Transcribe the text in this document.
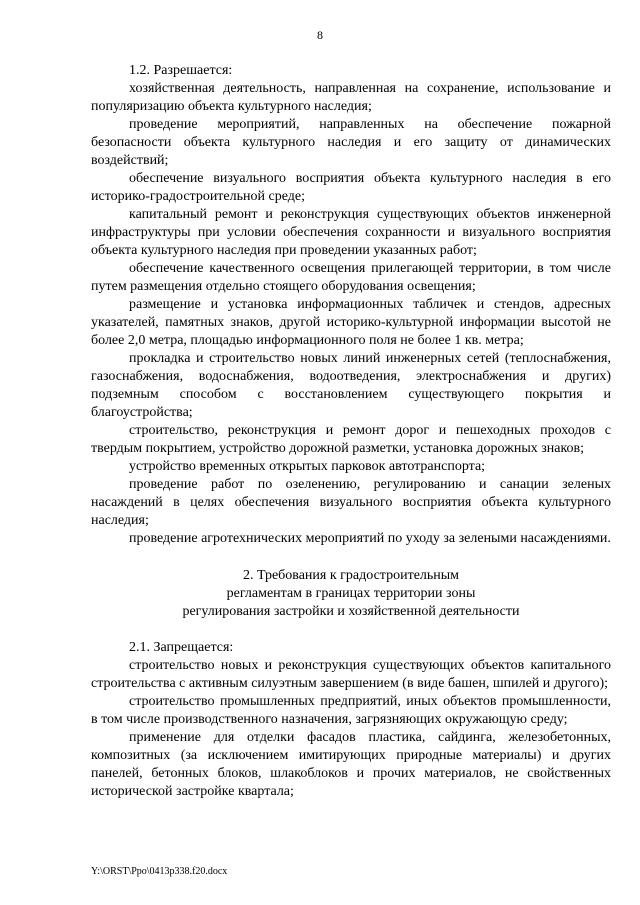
8

1.2. Разрешается:

хозяйственная деятельность, направленная на сохранение, использование и популяризацию объекта культурного наследия;

проведение мероприятий, направленных на обеспечение пожарной безопасности объекта культурного наследия и его защиту от динамических воздействий;

обеспечение визуального восприятия объекта культурного наследия в его историко-градостроительной среде;

капитальный ремонт и реконструкция существующих объектов инженерной инфраструктуры при условии обеспечения сохранности и визуального восприятия объекта культурного наследия при проведении указанных работ;

обеспечение качественного освещения прилегающей территории, в том числе путем размещения отдельно стоящего оборудования освещения;

размещение и установка информационных табличек и стендов, адресных указателей, памятных знаков, другой историко-культурной информации высотой не более 2,0 метра, площадью информационного поля не более 1 кв. метра;

прокладка и строительство новых линий инженерных сетей (теплоснабжения, газоснабжения, водоснабжения, водоотведения, электроснабжения и других) подземным способом с восстановлением существующего покрытия и благоустройства;

строительство, реконструкция и ремонт дорог и пешеходных проходов с твердым покрытием, устройство дорожной разметки, установка дорожных знаков;

устройство временных открытых парковок автотранспорта;

проведение работ по озеленению, регулированию и санации зеленых насаждений в целях обеспечения визуального восприятия объекта культурного наследия;

проведение агротехнических мероприятий по уходу за зелеными насаждениями.

2. Требования к градостроительным
регламентам в границах территории зоны
регулирования застройки и хозяйственной деятельности

2.1. Запрещается:

строительство новых и реконструкция существующих объектов капитального строительства с активным силуэтным завершением (в виде башен, шпилей и другого);

строительство промышленных предприятий, иных объектов промышленности, в том числе производственного назначения, загрязняющих окружающую среду;

применение для отделки фасадов пластика, сайдинга, железобетонных, композитных (за исключением имитирующих природные материалы) и других панелей, бетонных блоков, шлакоблоков и прочих материалов, не свойственных исторической застройке квартала;

Y:\ORST\Ppo\0413p338.f20.docx
